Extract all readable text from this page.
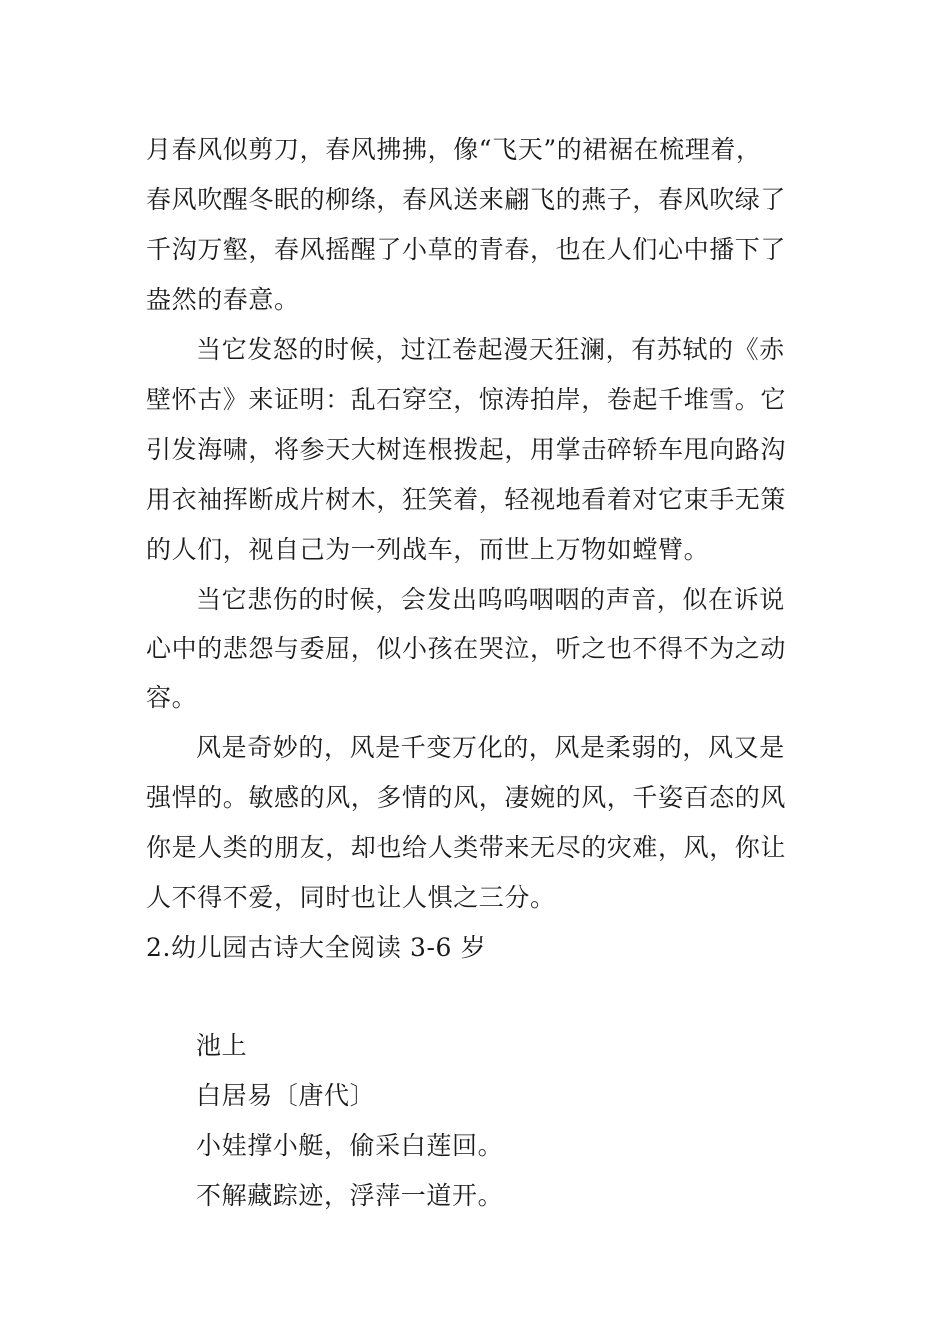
月春风似剪刀，春风拂拂，像“飞天”的裙裾在梳理着，
春风吹醒冬眠的柳绦，春风送来翩飞的燕子，春风吹绿了
千沟万壑，春风摇醒了小草的青春，也在人们心中播下了
盎然的春意。
当它发怒的时候，过江卷起漫天狂澜，有苏轼的《赤
壁怀古》来证明：乱石穿空，惊涛拍岸，卷起千堆雪。它
引发海啸，将参天大树连根拨起，用掌击碎轿车甩向路沟
用衣袖挥断成片树木，狂笑着，轻视地看着对它束手无策
的人们，视自己为一列战车，而世上万物如螳臂。
当它悲伤的时候，会发出呜呜咽咽的声音，似在诉说
心中的悲怨与委屈，似小孩在哭泣，听之也不得不为之动
容。
风是奇妙的，风是千变万化的，风是柔弱的，风又是
强悍的。敏感的风，多情的风，凄婉的风，千姿百态的风
你是人类的朋友，却也给人类带来无尽的灾难，风，你让
人不得不爱，同时也让人惧之三分。
2.幼儿园古诗大全阅读 3-6 岁
池上
白居易〔唐代〕
小娃撑小艇，偷采白莲回。
不解藏踪迹，浮萍一道开。
